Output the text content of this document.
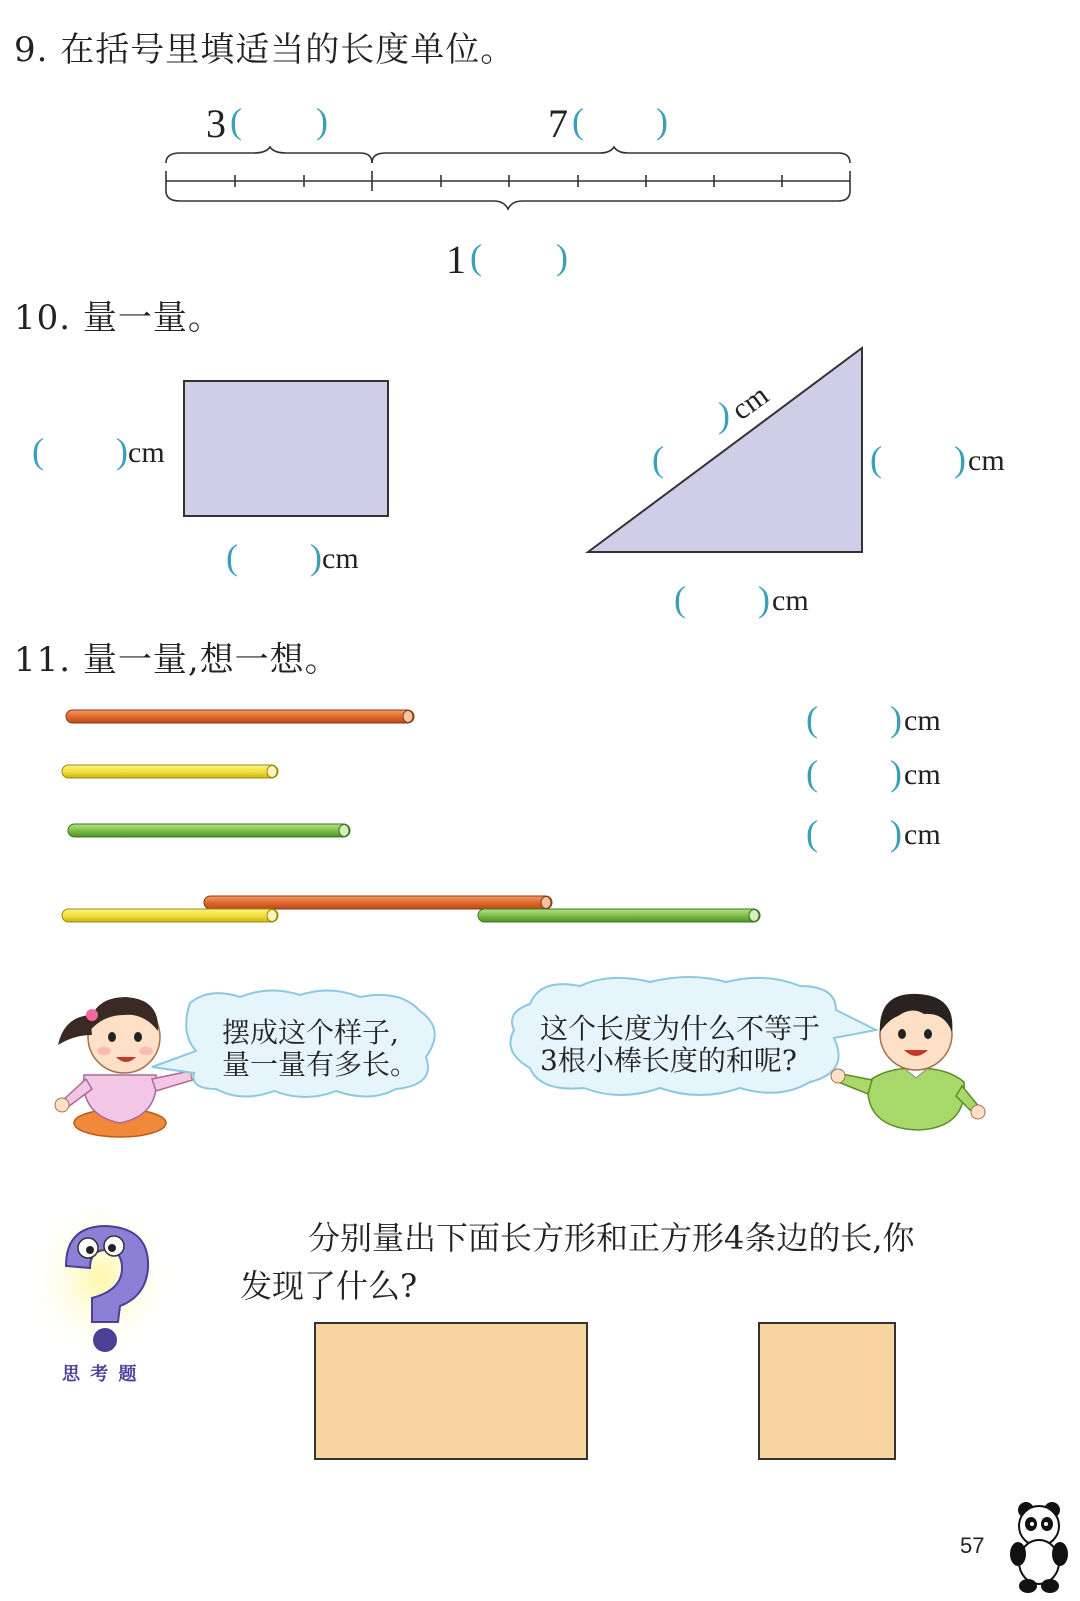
9. 在括号里填适当的长度单位。
3 ( )	7 ( )
1 ( )
10. 量一量。
( ) cm
( ) cm
)
cm
(	( ) cm
( ) cm
11. 量一量,想一想。
( ) cm
( ) cm
( ) cm
摆成这个样子,
量一量有多长。
这个长度为什么不等于
3根小棒长度的和呢?
思 考 题
分别量出下面长方形和正方形4条边的长,你
发现了什么?
57
